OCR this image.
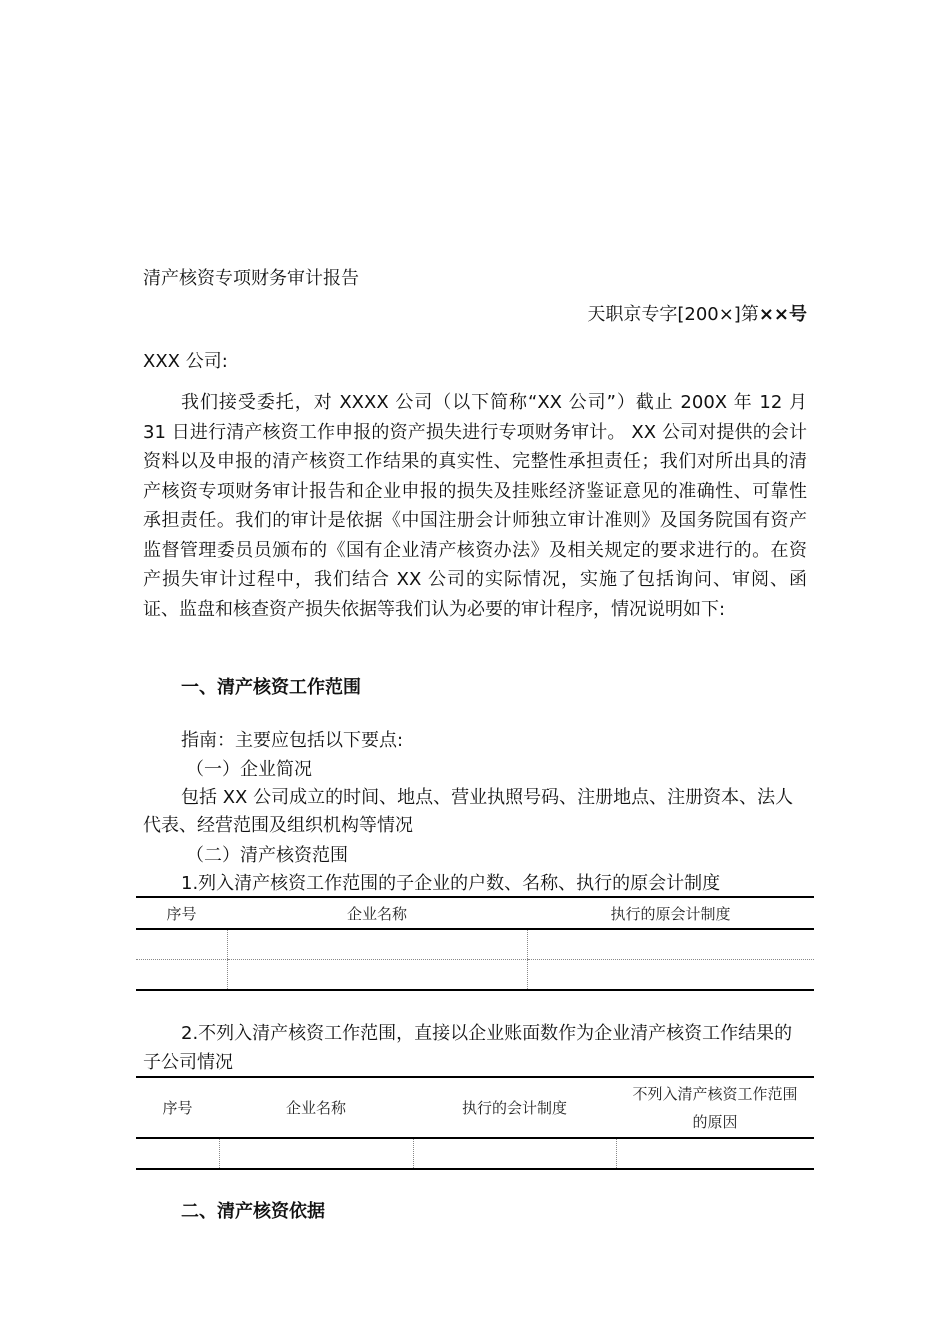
清产核资专项财务审计报告
天职京专字[200×]第××号
XXX 公司:
我们接受委托，对 XXXX 公司（以下简称“XX 公司”）截止 200X 年 12 月 31 日进行清产核资工作申报的资产损失进行专项财务审计。 XX 公司对提供的会计资料以及申报的清产核资工作结果的真实性、完整性承担责任；我们对所出具的清产核资专项财务审计报告和企业申报的损失及挂账经济鉴证意见的准确性、可靠性承担责任。我们的审计是依据《中国注册会计师独立审计准则》及国务院国有资产监督管理委员员颁布的《国有企业清产核资办法》及相关规定的要求进行的。在资产损失审计过程中，我们结合 XX 公司的实际情况，实施了包括询问、审阅、函证、监盘和核查资产损失依据等我们认为必要的审计程序，情况说明如下:
一、清产核资工作范围
指南：主要应包括以下要点:
（一）企业简况
包括 XX 公司成立的时间、地点、营业执照号码、注册地点、注册资本、法人代表、经营范围及组织机构等情况
（二）清产核资范围
1.列入清产核资工作范围的子企业的户数、名称、执行的原会计制度
序号	企业名称	执行的原会计制度

2.不列入清产核资工作范围，直接以企业账面数作为企业清产核资工作结果的子公司情况
序号	企业名称	执行的会计制度	不列入清产核资工作范围的原因

二、清产核资依据
